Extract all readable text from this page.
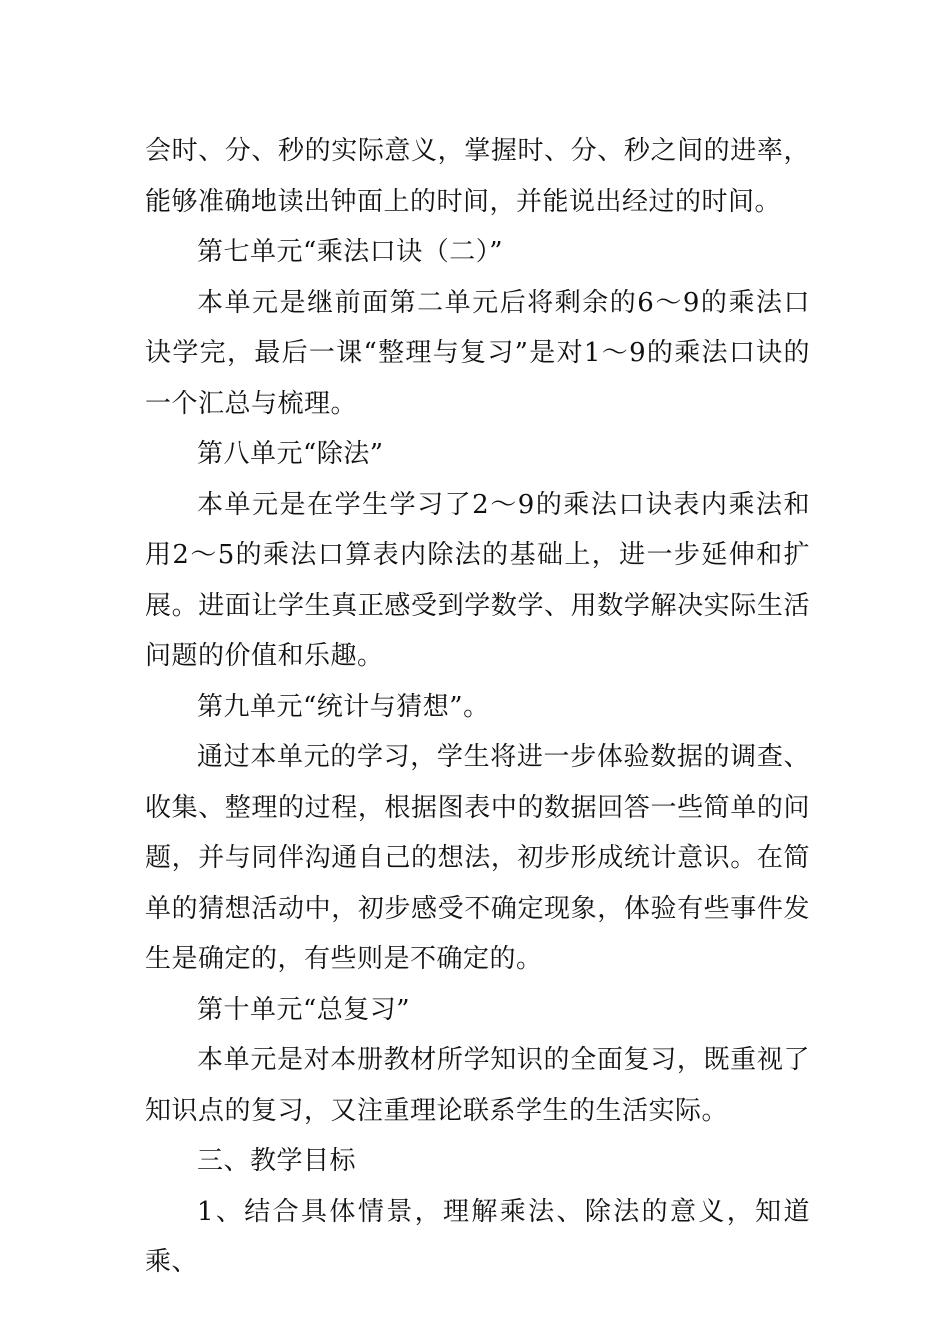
会时、分、秒的实际意义，掌握时、分、秒之间的进率，能够准确地读出钟面上的时间，并能说出经过的时间。

第七单元“乘法口诀（二）”

本单元是继前面第二单元后将剩余的6～9的乘法口诀学完，最后一课“整理与复习”是对1～9的乘法口诀的一个汇总与梳理。

第八单元“除法”

本单元是在学生学习了2～9的乘法口诀表内乘法和用2～5的乘法口算表内除法的基础上，进一步延伸和扩展。进面让学生真正感受到学数学、用数学解决实际生活问题的价值和乐趣。

第九单元“统计与猜想”。

通过本单元的学习，学生将进一步体验数据的调查、收集、整理的过程，根据图表中的数据回答一些简单的问题，并与同伴沟通自己的想法，初步形成统计意识。在简单的猜想活动中，初步感受不确定现象，体验有些事件发生是确定的，有些则是不确定的。

第十单元“总复习”

本单元是对本册教材所学知识的全面复习，既重视了知识点的复习，又注重理论联系学生的生活实际。

三、教学目标

1、结合具体情景，理解乘法、除法的意义，知道乘、
